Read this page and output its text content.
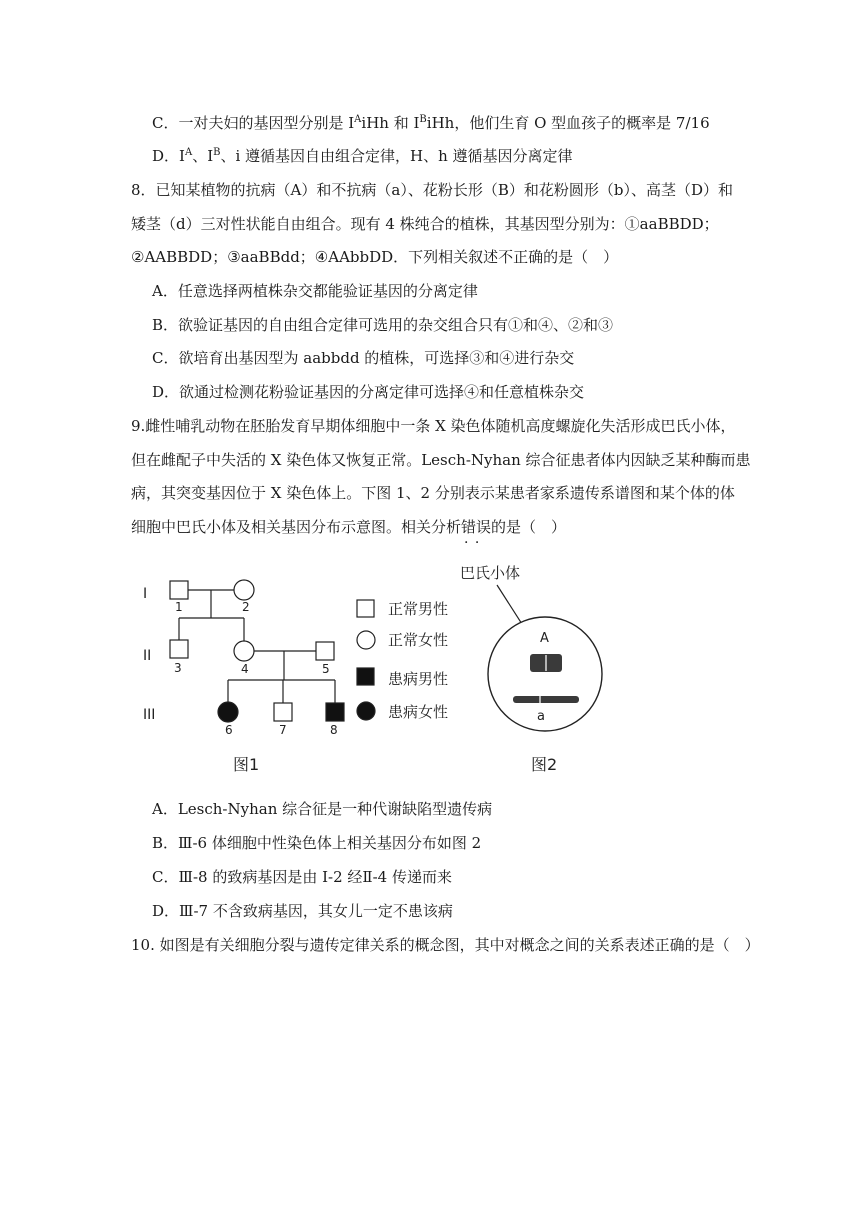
C．一对夫妇的基因型分别是 $I^AiHh$ 和 $I^BiHh$，他们生育 O 型血孩子的概率是 7/16
D．$I^A$、$I^B$、i 遵循基因自由组合定律，H、h 遵循基因分离定律
8．已知某植物的抗病（A）和不抗病（a）、花粉长形（B）和花粉圆形（b）、高茎（D）和
矮茎（d）三对性状能自由组合。现有 4 株纯合的植株，其基因型分别为：①aaBBDD；
②AABBDD；③aaBBdd；④AAbbDD．下列相关叙述不正确的是（　）
A．任意选择两植株杂交都能验证基因的分离定律
B．欲验证基因的自由组合定律可选用的杂交组合只有①和④、②和③
C．欲培育出基因型为 aabbdd 的植株，可选择③和④进行杂交
D．欲通过检测花粉验证基因的分离定律可选择④和任意植株杂交
9.雌性哺乳动物在胚胎发育早期体细胞中一条 X 染色体随机高度螺旋化失活形成巴氏小体，
但在雌配子中失活的 X 染色体又恢复正常。Lesch-Nyhan 综合征患者体内因缺乏某种酶而患
病，其突变基因位于 X 染色体上。下图 1、2 分别表示某患者家系遗传系谱图和某个体的体
细胞中巴氏小体及相关基因分布示意图。相关分析错误 · ·的是（　）
I
II
III
1	2
3	4	5
6	7	8
正常男性
正常女性
患病男性
患病女性
图1
巴氏小体
A
a
图2
A．Lesch-Nyhan 综合征是一种代谢缺陷型遗传病
B．Ⅲ-6 体细胞中性染色体上相关基因分布如图 2
C．Ⅲ-8 的致病基因是由 I-2 经Ⅱ-4 传递而来
D．Ⅲ-7 不含致病基因，其女儿一定不患该病
10. 如图是有关细胞分裂与遗传定律关系的概念图，其中对概念之间的关系表述正确的是（　）
